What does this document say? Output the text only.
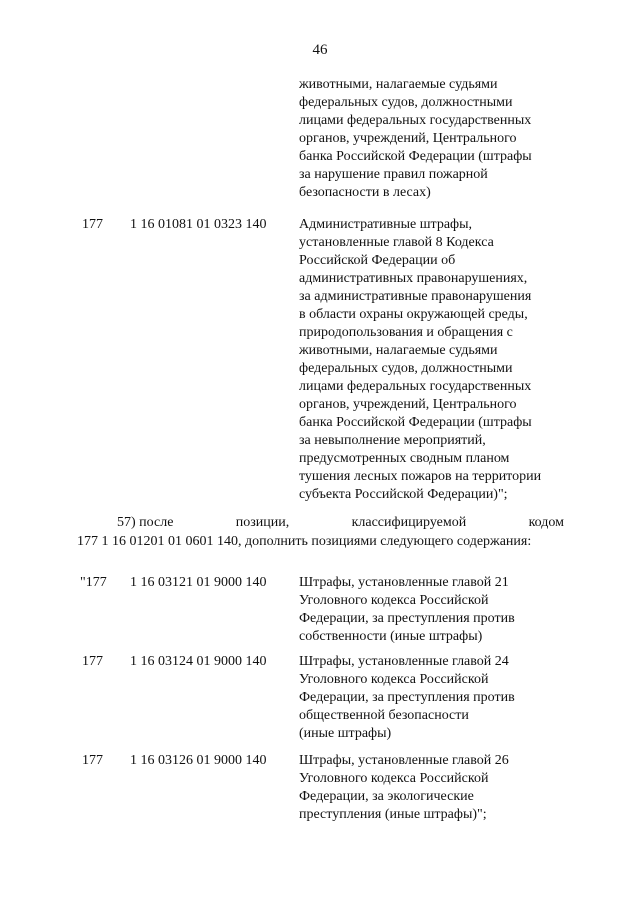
46
животными, налагаемые судьями
федеральных судов, должностными
лицами федеральных государственных
органов, учреждений, Центрального
банка Российской Федерации (штрафы
за нарушение правил пожарной
безопасности в лесах)
177 1 16 01081 01 0323 140 Административные штрафы,
установленные главой 8 Кодекса
Российской Федерации об
административных правонарушениях,
за административные правонарушения
в области охраны окружающей среды,
природопользования и обращения с
животными, налагаемые судьями
федеральных судов, должностными
лицами федеральных государственных
органов, учреждений, Центрального
банка Российской Федерации (штрафы
за невыполнение мероприятий,
предусмотренных сводным планом
тушения лесных пожаров на территории
субъекта Российской Федерации)";
57) после	позиции,	классифицируемой	кодом
177 1 16 01201 01 0601 140, дополнить позициями следующего содержания:
"177 1 16 03121 01 9000 140 Штрафы, установленные главой 21
Уголовного кодекса Российской
Федерации, за преступления против
собственности (иные штрафы)
177 1 16 03124 01 9000 140 Штрафы, установленные главой 24
Уголовного кодекса Российской
Федерации, за преступления против
общественной безопасности
(иные штрафы)
177 1 16 03126 01 9000 140 Штрафы, установленные главой 26
Уголовного кодекса Российской
Федерации, за экологические
преступления (иные штрафы)";
